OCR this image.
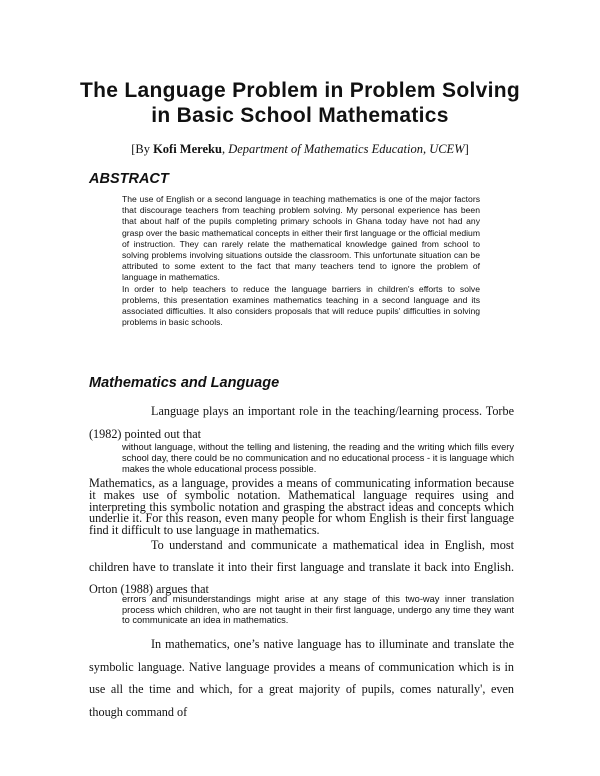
The Language Problem in Problem Solving
in Basic School Mathematics
[By Kofi Mereku, Department of Mathematics Education, UCEW]
ABSTRACT

The use of English or a second language in teaching mathematics is one of the major factors that discourage teachers from teaching problem solving. My personal experience has been that about half of the pupils completing primary schools in Ghana today have not had any grasp over the basic mathematical concepts in either their first language or the official medium of instruction. They can rarely relate the mathematical knowledge gained from school to solving problems involving situations outside the classroom. This unfortunate situation can be attributed to some extent to the fact that many teachers tend to ignore the problem of language in mathematics.

In order to help teachers to reduce the language barriers in children's efforts to solve problems, this presentation examines mathematics teaching in a second language and its associated difficulties. It also considers proposals that will reduce pupils' difficulties in solving problems in basic schools.

Mathematics and Language
Language plays an important role in the teaching/learning process. Torbe (1982) pointed out that
without language, without the telling and listening, the reading and the writing which fills every school day, there could be no communication and no educational process - it is language which makes the whole educational process possible.
Mathematics, as a language, provides a means of communicating information because it makes use of symbolic notation. Mathematical language requires using and interpreting this symbolic notation and grasping the abstract ideas and concepts which underlie it. For this reason, even many people for whom English is their first language find it difficult to use language in mathematics.
To understand and communicate a mathematical idea in English, most children have to translate it into their first language and translate it back into English. Orton (1988) argues that
errors and misunderstandings might arise at any stage of this two-way inner translation process which children, who are not taught in their first language, undergo any time they want to communicate an idea in mathematics.
In mathematics, one’s native language has to illuminate and translate the symbolic language. Native language provides a means of communication which is in use all the time and which, for a great majority of pupils, comes naturally', even though command of
